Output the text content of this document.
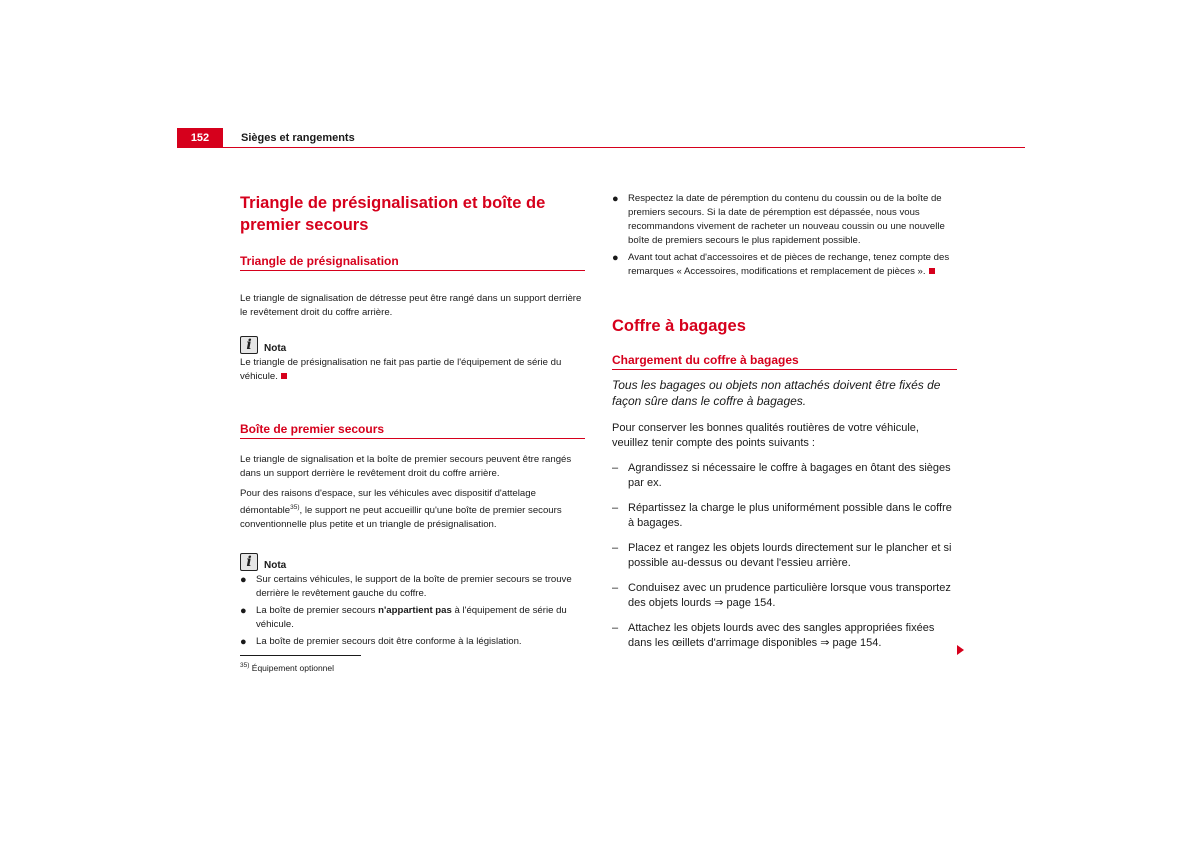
152	Sièges et rangements
Triangle de présignalisation et boîte de premier secours
Triangle de présignalisation

Le triangle de signalisation de détresse peut être rangé dans un support derrière le revêtement droit du coffre arrière.

i	Nota

Le triangle de présignalisation ne fait pas partie de l'équipement de série du véhicule.

Boîte de premier secours

Le triangle de signalisation et la boîte de premier secours peuvent être rangés dans un support derrière le revêtement droit du coffre arrière.

Pour des raisons d'espace, sur les véhicules avec dispositif d'attelage démontable$^{35)}$, le support ne peut accueillir qu'une boîte de premier secours conventionnelle plus petite et un triangle de présignalisation.

i	Nota
● Sur certains véhicules, le support de la boîte de premier secours se trouve derrière le revêtement gauche du coffre.
● La boîte de premier secours n'appartient pas à l'équipement de série du véhicule.
● La boîte de premier secours doit être conforme à la législation.
$^{35)}$ Équipement optionnel
● Respectez la date de péremption du contenu du coussin ou de la boîte de premiers secours. Si la date de péremption est dépassée, nous vous recommandons vivement de racheter un nouveau coussin ou une nouvelle boîte de premiers secours le plus rapidement possible.
● Avant tout achat d'accessoires et de pièces de rechange, tenez compte des remarques « Accessoires, modifications et remplacement de pièces ».
Coffre à bagages
Chargement du coffre à bagages

Tous les bagages ou objets non attachés doivent être fixés de façon sûre dans le coffre à bagages.

Pour conserver les bonnes qualités routières de votre véhicule, veuillez tenir compte des points suivants :

– Agrandissez si nécessaire le coffre à bagages en ôtant des sièges par ex.
– Répartissez la charge le plus uniformément possible dans le coffre à bagages.
– Placez et rangez les objets lourds directement sur le plancher et si possible au-dessus ou devant l'essieu arrière.
– Conduisez avec un prudence particulière lorsque vous transportez des objets lourds ⇒ page 154.
– Attachez les objets lourds avec des sangles appropriées fixées dans les œillets d'arrimage disponibles ⇒ page 154.
